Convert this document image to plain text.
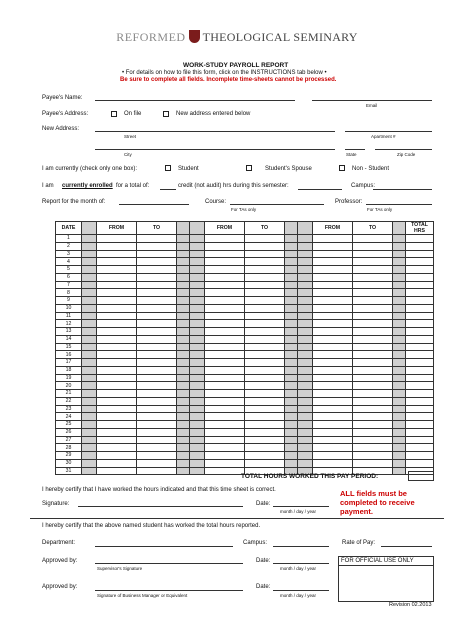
REFORMED THEOLOGICAL SEMINARY
WORK-STUDY PAYROLL REPORT
• For details on how to file this form, click on the INSTRUCTIONS tab below •
Be sure to complete all fields. Incomplete time-sheets cannot be processed.
Payee's Name:
Email
Payee's Address:	On file	New address entered below
New Address:
Street	Apartment #
City	State	Zip Code
I am currently (check only one box):	Student	Student's Spouse	Non - Student
I am currently enrolled for a total of:	credit (not audit) hrs during this semester:	Campus:
Report for the month of:	Course:	Professor:
For TAs only	For TAs only
DATE		FROM	TO			FROM	TO			FROM	TO		TOTAL HRS
1													
2													
3													
4													
5													
6													
7													
8													
9													
10													
11													
12													
13													
14													
15													
16													
17													
18													
19													
20													
21													
22													
23													
24													
25													
26													
27													
28													
29													
30													
31													
TOTAL HOURS WORKED THIS PAY PERIOD:
I hereby certify that I have worked the hours indicated and that this time sheet is correct.
Signature:	Date:
month / day / year
ALL fields must be completed to receive payment.
I hereby certify that the above named student has worked the total hours reported.
Department:	Campus:	Rate of Pay:
Approved by:
Supervisor's Signature
Date:
month / day / year
Approved by:
Signature of Business Manager or Equivalent
Date:
month / day / year
FOR OFFICIAL USE ONLY
Revision 02.2013
